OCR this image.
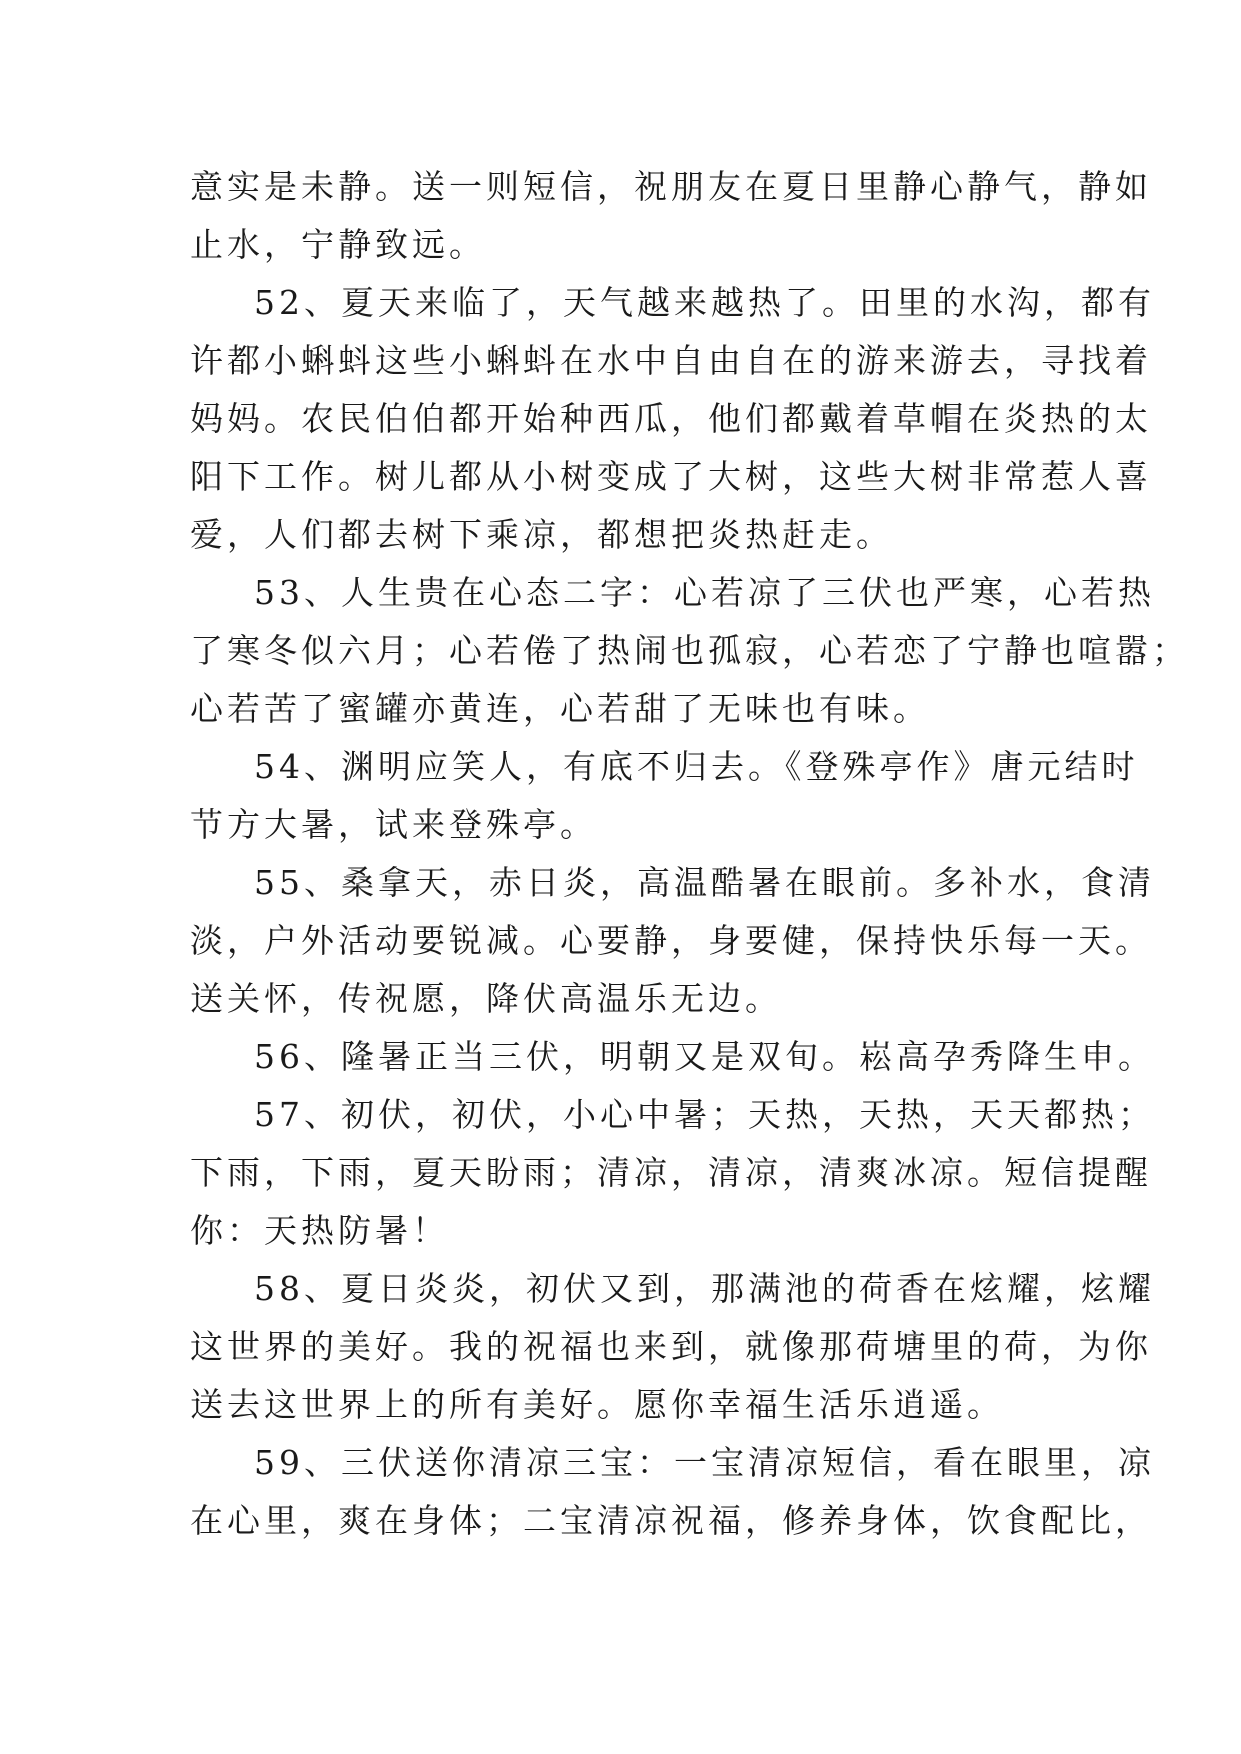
意实是未静。送一则短信，祝朋友在夏日里静心静气，静如
止水，宁静致远。
52、夏天来临了，天气越来越热了。田里的水沟，都有
许都小蝌蚪这些小蝌蚪在水中自由自在的游来游去，寻找着
妈妈。农民伯伯都开始种西瓜，他们都戴着草帽在炎热的太
阳下工作。树儿都从小树变成了大树，这些大树非常惹人喜
爱，人们都去树下乘凉，都想把炎热赶走。
53、人生贵在心态二字：心若凉了三伏也严寒，心若热
了寒冬似六月；心若倦了热闹也孤寂，心若恋了宁静也喧嚣；
心若苦了蜜罐亦黄连，心若甜了无味也有味。
54、渊明应笑人，有底不归去。《登殊亭作》唐元结时
节方大暑，试来登殊亭。
55、桑拿天，赤日炎，高温酷暑在眼前。多补水，食清
淡，户外活动要锐减。心要静，身要健，保持快乐每一天。
送关怀，传祝愿，降伏高温乐无边。
56、隆暑正当三伏，明朝又是双旬。崧高孕秀降生申。
57、初伏，初伏，小心中暑；天热，天热，天天都热；
下雨，下雨，夏天盼雨；清凉，清凉，清爽冰凉。短信提醒
你：天热防暑！
58、夏日炎炎，初伏又到，那满池的荷香在炫耀，炫耀
这世界的美好。我的祝福也来到，就像那荷塘里的荷，为你
送去这世界上的所有美好。愿你幸福生活乐逍遥。
59、三伏送你清凉三宝：一宝清凉短信，看在眼里，凉
在心里，爽在身体；二宝清凉祝福，修养身体，饮食配比，
